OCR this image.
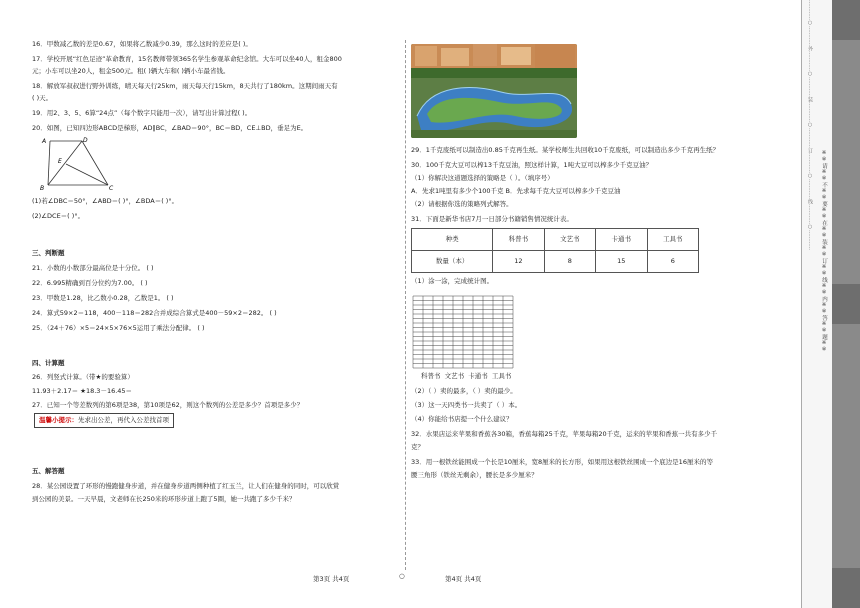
16．甲数减乙数的差是0.67，如果将乙数减少0.39，那么这时的差应是( )。
17．学校开展“红色足迹”革命教育，15名教师带领365名学生参观革命纪念馆。大车可以坐40人，租金800
元；小车可以坐20人，租金500元。租( )辆大车和( )辆小车最省钱。
18．解放军叔叔进行野外训练，晴天每天行25km，雨天每天行15km，8天共行了180km。这期间雨天有
( )天。
19．用2、3、5、6算“24点”（每个数字只能用一次），请写出计算过程( )。
20．如图，已知四边形ABCD是梯形，AD∥BC，∠BAD＝90°，BC＝BD，CE⊥BD，垂足为E。
A	D
E
B	C
(1)若∠DBC＝50°，∠ABD＝( )°，∠BDA＝( )°。
(2)∠DCE＝( )°。
三、判断题
21．小数的小数部分最高位是十分位。 ( )
22．6.995精确到百分位约为7.00。 ( )
23．甲数是1.28，比乙数小0.28，乙数是1。 ( )
24．算式59×2＝118，400－118＝282合并成综合算式是400－59×2＝282。 ( )
25．（24＋76）×5＝24×5×76×5运用了乘法分配律。 ( )
四、计算题
26．列竖式计算。（带★的要验算）
11.93＋2.17＝ ★18.3－16.45＝
27．已知一个等差数列的第6项是38，第10项是62，则这个数列的公差是多少？首项是多少？
温馨小提示：先求出公差，再代入公差找首项
五、解答题
28．某公园设置了环形的慢跑健身步道，并在健身步道两侧种植了红玉兰，让人们在健身的同时，可以欣赏
到公园的美景。一天早晨，文老师在长250米的环形步道上跑了5圈，她一共跑了多少千米？
29．1千克废纸可以制造出0.85千克再生纸。某学校师生共回收10千克废纸，可以制造出多少千克再生纸？
30．100千克大豆可以榨13千克豆油，照这样计算，1吨大豆可以榨多少千克豆油？
（1）你解决这道题选择的策略是（ ）。（填序号）
A．先求1吨里有多少个100千克 B．先求每千克大豆可以榨多少千克豆油
（2）请根据你选的策略列式解答。
31．下面是新华书店7月一日部分书籍销售情况统计表。
种类	科普书	文艺书	卡通书	工具书
数量（本）	12	8	15	6
（1）涂一涂，完成统计图。
科普书 文艺书 卡通书 工具书
（2）（ ）卖的最多，（ ）卖的最少。
（3）这一天四类书一共卖了（ ）本。
（4）你能给书店提一个什么建议？
32．水果店运来苹果和香蕉各30箱，香蕉每箱25千克，苹果每箱20千克，运来的苹果和香蕉一共有多少千
克？
33．用一根铁丝能围成一个长是10厘米，宽8厘米的长方形，如果用这根铁丝围成一个底边是16厘米的等
腰三角形（铁丝无剩余），腰长是多少厘米？
第3页 共4页	○	第4页 共4页
…………○…………外…………○…………装…………○…………订…………○…………线…………○…………
※※请※※不※※要※※在※※装※※订※※线※※内※※答※※题※※
